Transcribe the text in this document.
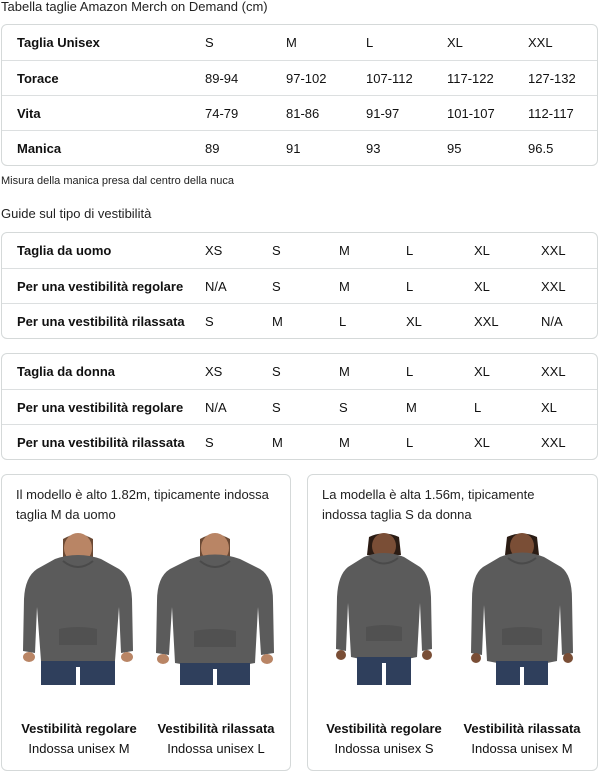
Tabella taglie Amazon Merch on Demand (cm)
Taglia Unisex	S	M	L	XL	XXL
Torace	89-94	97-102	107-112	117-122	127-132
Vita	74-79	81-86	91-97	101-107	112-117
Manica	89	91	93	95	96.5
Misura della manica presa dal centro della nuca
Guide sul tipo di vestibilità
Taglia da uomo	XS	S	M	L	XL	XXL
Per una vestibilità regolare N/A	S	M	L	XL	XXL
Per una vestibilità rilassata S	M	L	XL	XXL	N/A
Taglia da donna	XS	S	M	L	XL	XXL
Per una vestibilità regolare N/A	S	S	M	L	XL
Per una vestibilità rilassata S	M	M	L	XL	XXL
Il modello è alto 1.82m, tipicamente indossa taglia M da uomo
Vestibilità regolare
Indossa unisex M
Vestibilità rilassata
Indossa unisex L
La modella è alta 1.56m, tipicamente indossa taglia S da donna
Vestibilità regolare
Indossa unisex S
Vestibilità rilassata
Indossa unisex M
